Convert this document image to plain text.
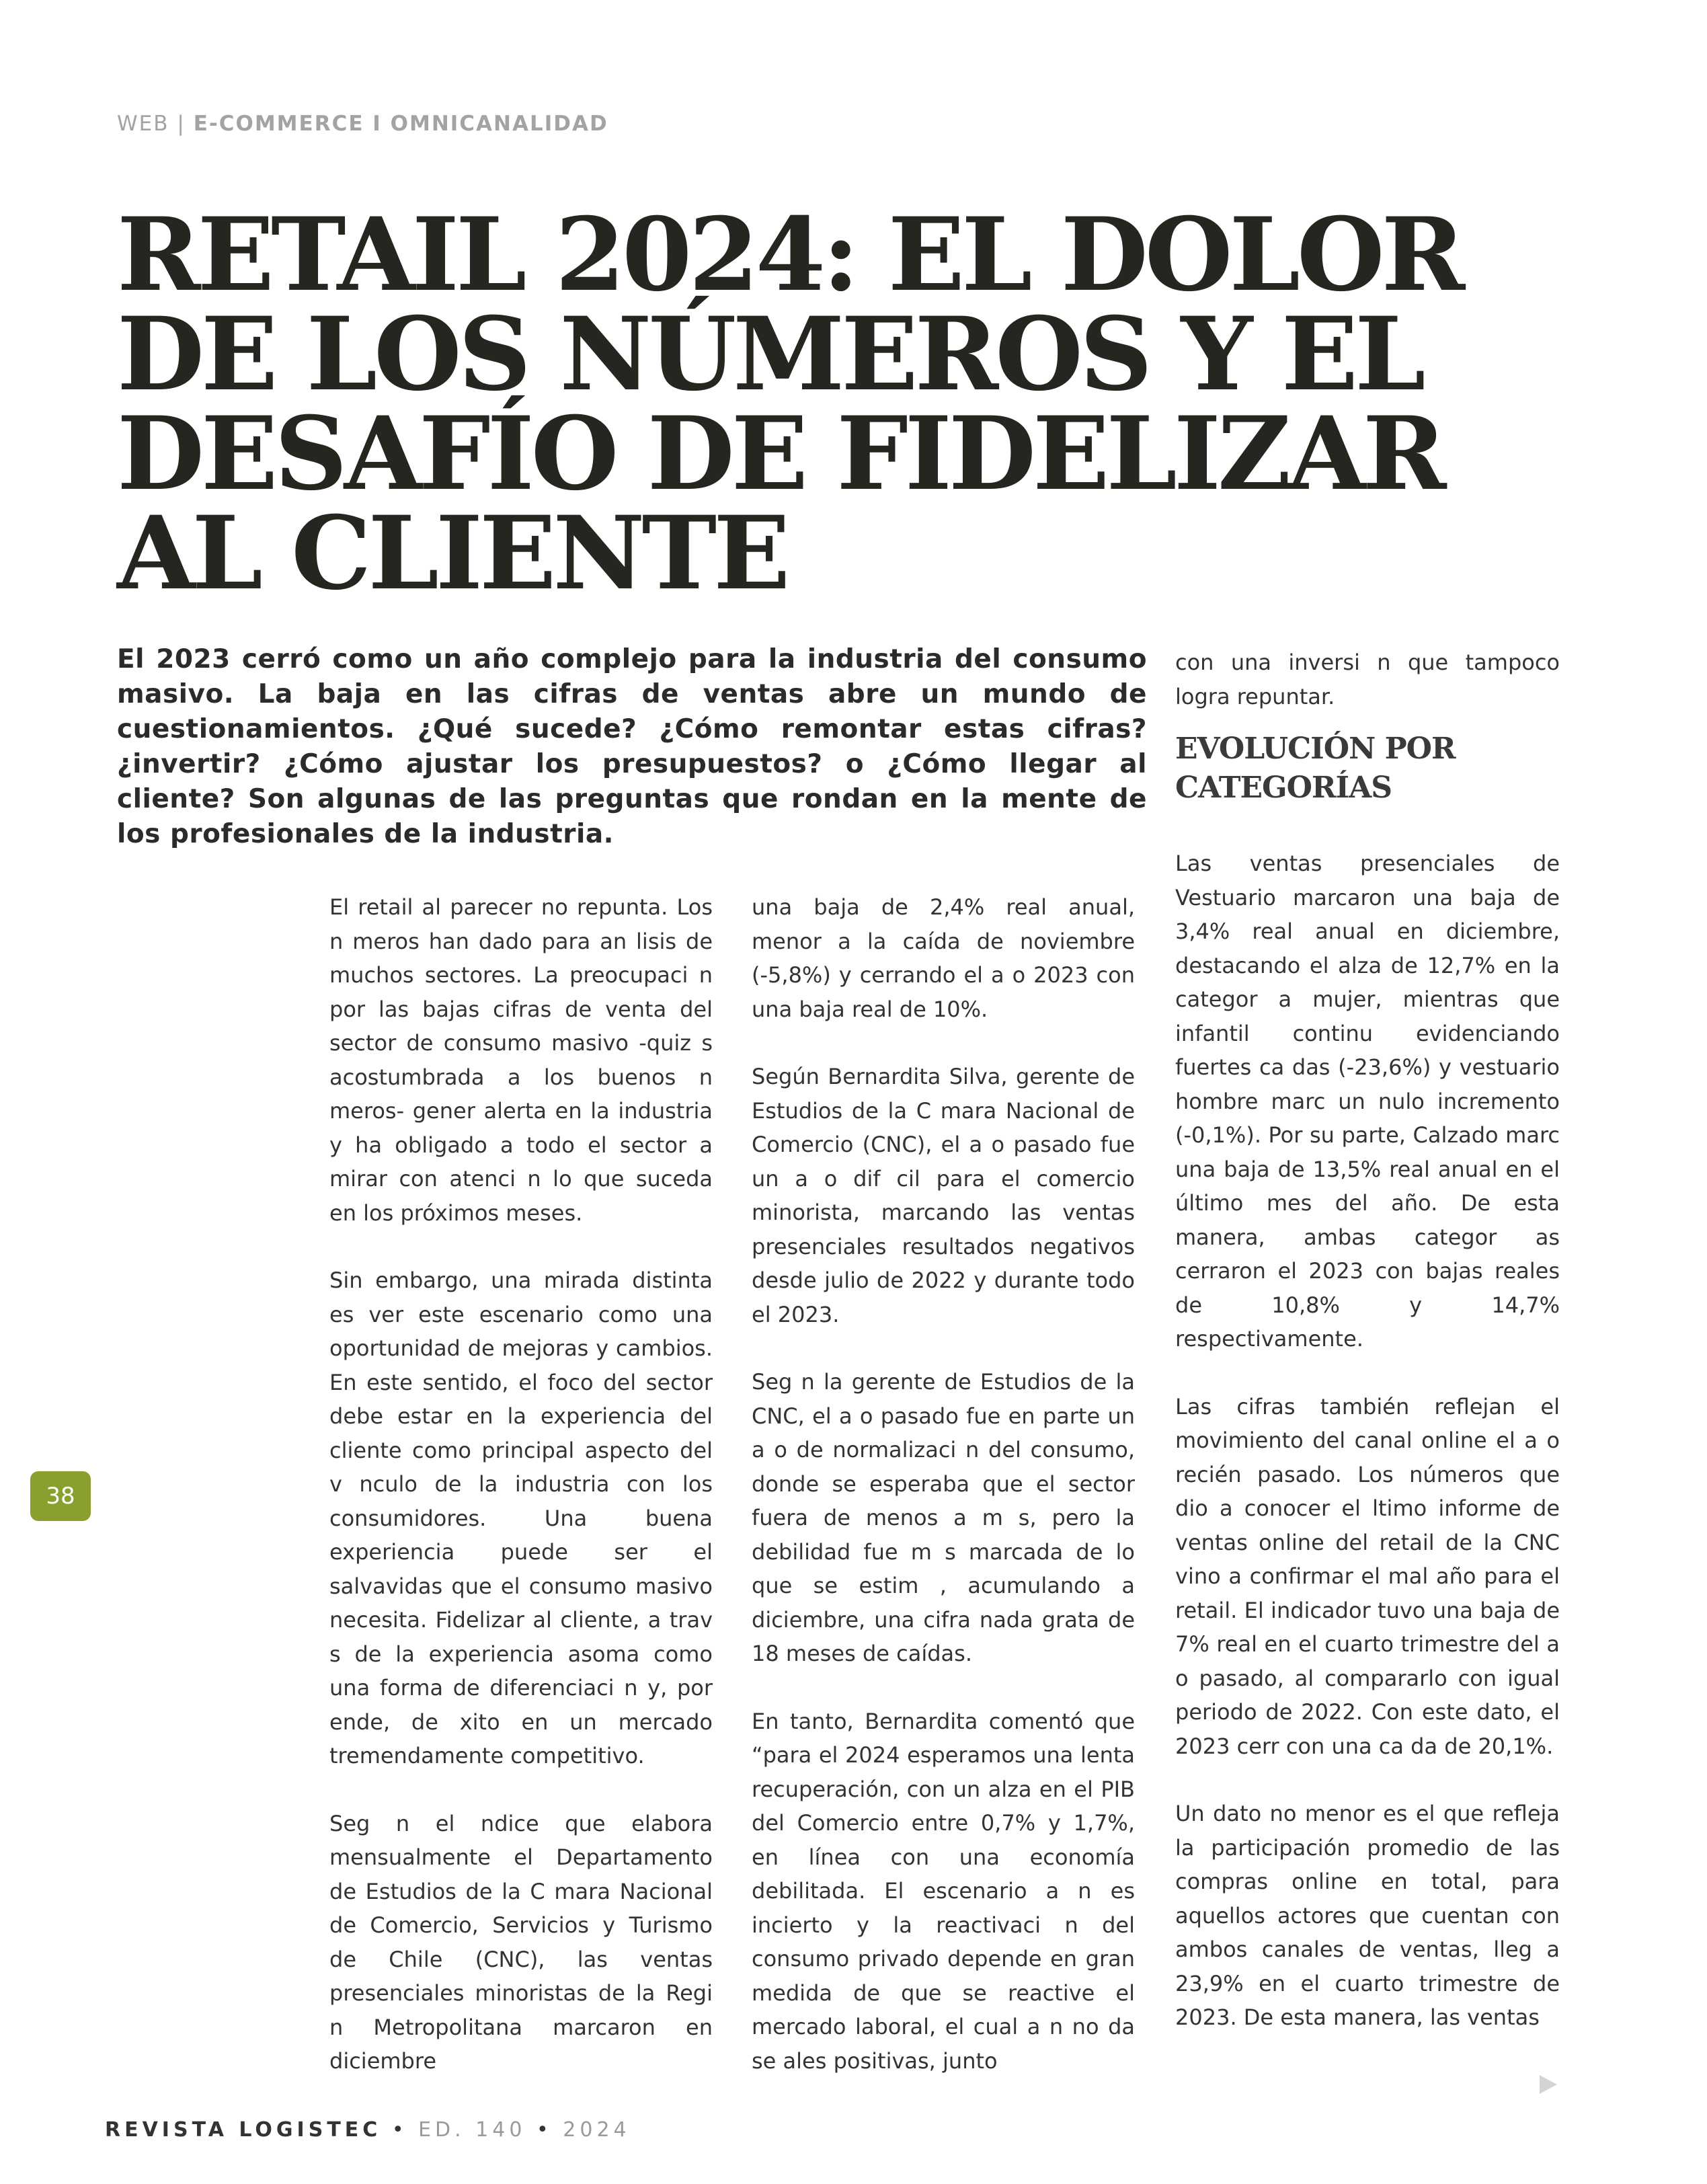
WEB | E-COMMERCE I OMNICANALIDAD
RETAIL 2024: EL DOLOR
DE LOS NÚMEROS Y EL
DESAFÍO DE FIDELIZAR
AL CLIENTE

El 2023 cerró como un año complejo para la industria del consumo masivo. La baja en las cifras de ventas abre un mundo de cuestionamientos. ¿Qué sucede? ¿Cómo remontar estas cifras? ¿invertir? ¿Cómo ajustar los presupuestos? o ¿Cómo llegar al cliente? Son algunas de las preguntas que rondan en la mente de los profesionales de la industria.

El retail al parecer no repunta. Los n meros han dado para an lisis de muchos sectores. La preocupaci n por las bajas cifras de venta del sector de consumo masivo -quiz s acostumbrada a los buenos n meros- gener alerta en la industria y ha obligado a todo el sector a mirar con atenci n lo que suceda en los próximos meses.

Sin embargo, una mirada distinta es ver este escenario como una oportunidad de mejoras y cambios. En este sentido, el foco del sector debe estar en la experiencia del cliente como principal aspecto del v nculo de la industria con los consumidores. Una buena experiencia puede ser el salvavidas que el consumo masivo necesita. Fidelizar al cliente, a trav s de la experiencia asoma como una forma de diferenciaci n y, por ende, de xito en un mercado tremendamente competitivo.

Seg n el ndice que elabora mensualmente el Departamento de Estudios de la C mara Nacional de Comercio, Servicios y Turismo de Chile (CNC), las ventas presenciales minoristas de la Regi n Metropolitana marcaron en diciembre

una baja de 2,4% real anual, menor a la caída de noviembre (-5,8%) y cerrando el a o 2023 con una baja real de 10%.

Según Bernardita Silva, gerente de Estudios de la C mara Nacional de Comercio (CNC), el a o pasado fue un a o dif cil para el comercio minorista, marcando las ventas presenciales resultados negativos desde julio de 2022 y durante todo el 2023.

Seg n la gerente de Estudios de la CNC, el a o pasado fue en parte un a o de normalizaci n del consumo, donde se esperaba que el sector fuera de menos a m s, pero la debilidad fue m s marcada de lo que se estim , acumulando a diciembre, una cifra nada grata de 18 meses de caídas.

En tanto, Bernardita comentó que “para el 2024 esperamos una lenta recuperación, con un alza en el PIB del Comercio entre 0,7% y 1,7%, en línea con una economía debilitada. El escenario a n es incierto y la reactivaci n del consumo privado depende en gran medida de que se reactive el mercado laboral, el cual a n no da se ales positivas, junto

con una inversi n que tampoco logra repuntar.

EVOLUCIÓN POR CATEGORÍAS

Las ventas presenciales de Vestuario marcaron una baja de 3,4% real anual en diciembre, destacando el alza de 12,7% en la categor a mujer, mientras que infantil continu evidenciando fuertes ca das (-23,6%) y vestuario hombre marc un nulo incremento (-0,1%). Por su parte, Calzado marc una baja de 13,5% real anual en el último mes del año. De esta manera, ambas categor as cerraron el 2023 con bajas reales de 10,8% y 14,7% respectivamente.

Las cifras también reflejan el movimiento del canal online el a o recién pasado. Los números que dio a conocer el ltimo informe de ventas online del retail de la CNC vino a confirmar el mal año para el retail. El indicador tuvo una baja de 7% real en el cuarto trimestre del a o pasado, al compararlo con igual periodo de 2022. Con este dato, el 2023 cerr con una ca da de 20,1%.

Un dato no menor es el que refleja la participación promedio de las compras online en total, para aquellos actores que cuentan con ambos canales de ventas, lleg a 23,9% en el cuarto trimestre de 2023. De esta manera, las ventas

38
REVISTA LOGISTEC • ED. 140 • 2024
